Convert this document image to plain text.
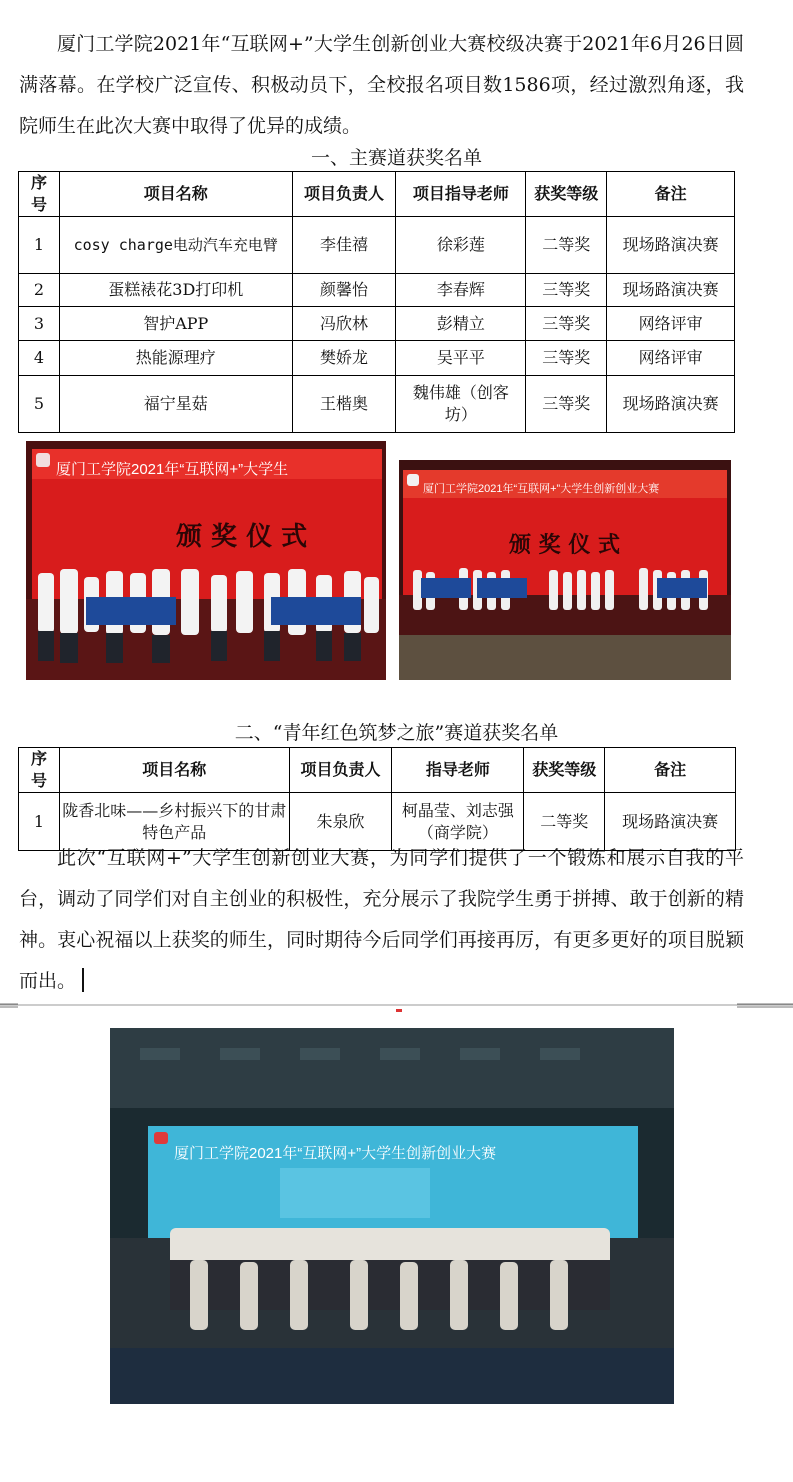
厦门工学院2021年“互联网+”大学生创新创业大赛校级决赛于2021年6月26日圆满落幕。在学校广泛宣传、积极动员下，全校报名项目数1586项，经过激烈角逐，我院师生在此次大赛中取得了优异的成绩。

一、主赛道获奖名单
序号	项目名称	项目负责人	项目指导老师	获奖等级	备注
1	cosy charge电动汽车充电臂	李佳禧	徐彩莲	二等奖	现场路演决赛
2	蛋糕裱花3D打印机	颜馨怡	李春辉	三等奖	现场路演决赛
3	智护APP	冯欣林	彭精立	三等奖	网络评审
4	热能源理疗	樊娇龙	吴平平	三等奖	网络评审
5	福宁星菇	王楷奥	魏伟雄（创客坊）	三等奖	现场路演决赛
厦门工学院2021年“互联网+”大学生
颁 奖 仪 式
厦门工学院2021年“互联网+”大学生创新创业大赛
颁 奖 仪 式
二、“青年红色筑梦之旅”赛道获奖名单
序号	项目名称	项目负责人	指导老师	获奖等级	备注
1	陇香北味——乡村振兴下的甘肃特色产品	朱泉欣	柯晶莹、刘志强（商学院）	二等奖	现场路演决赛

此次“互联网+”大学生创新创业大赛，为同学们提供了一个锻炼和展示自我的平台，调动了同学们对自主创业的积极性，充分展示了我院学生勇于拼搏、敢于创新的精神。衷心祝福以上获奖的师生，同时期待今后同学们再接再厉，有更多更好的项目脱颖而出。

厦门工学院2021年“互联网+”大学生创新创业大赛
